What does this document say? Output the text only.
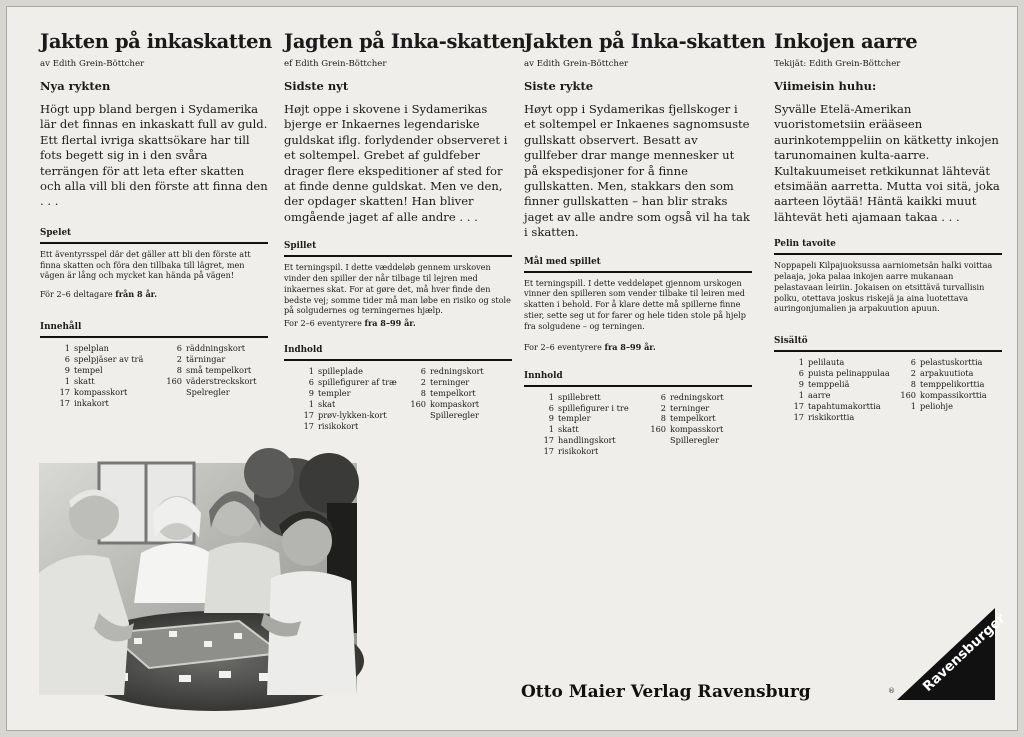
Jakten på inkaskatten
av Edith Grein-Böttcher
Nya rykten
Högt upp bland bergen i Sydamerika lär det finnas en inkaskatt full av guld. Ett flertal ivriga skattsökare har till fots begett sig in i den svåra terrängen för att leta efter skatten och alla vill bli den förste att finna den . . .
Spelet
Ett äventyrsspel där det gäller att bli den förste att finna skatten och föra den tillbaka till lägret, men vägen är lång och mycket kan hända på vägen!
För 2–6 deltagare från 8 år.
Innehåll
1 spelplan
6 spelpjäser av trä
9 tempel
1 skatt
17 kompasskort
17 inkakort
6 räddningskort
2 tärningar
8 små tempelkort
160 väderstreckskort
Spelregler
Jagten på Inka-skatten
ef Edith Grein-Böttcher
Sidste nyt
Højt oppe i skovene i Sydamerikas bjerge er Inkaernes legendariske guldskat iflg. forlydender observeret i et soltempel. Grebet af guldfeber drager flere ekspeditioner af sted for at finde denne guldskat. Men ve den, der opdager skatten! Han bliver omgående jaget af alle andre . . .
Spillet
Et terningspil. I dette væddeløb gennem urskoven vinder den spiller der når tilbage til lejren med inkaernes skat. For at gøre det, må hver finde den bedste vej; somme tider må man løbe en risiko og stole på solgudernes og terningernes hjælp.
For 2–6 eventyrere fra 8–99 år.
Indhold
1 spilleplade
6 spillefigurer af træ
9 templer
1 skat
17 prøv-lykken-kort
17 risikokort
6 redningskort
2 terninger
8 tempelkort
160 kompaskort
Spilleregler
Jakten på Inka-skatten
av Edith Grein-Böttcher
Siste rykte
Høyt opp i Sydamerikas fjellskoger i et soltempel er Inkaenes sagnomsuste gullskatt observert. Besatt av gullfeber drar mange mennesker ut på ekspedisjoner for å finne gullskatten. Men, stakkars den som finner gullskatten – han blir straks jaget av alle andre som også vil ha tak i skatten.
Mål med spillet
Et terningspill. I dette veddeløpet gjennom urskogen vinner den spilleren som vender tilbake til leiren med skatten i behold. For å klare dette må spillerne finne stier, sette seg ut for farer og hele tiden stole på hjelp fra solgudene – og terningen.
For 2–6 eventyrere fra 8–99 år.
Innhold
1 spillebrett
6 spillefigurer i tre
9 templer
1 skatt
17 handlingskort
17 risikokort
6 redningskort
2 terninger
8 tempelkort
160 kompasskort
Spilleregler
Inkojen aarre
Tekijät: Edith Grein-Böttcher
Viimeisin huhu:
Syvälle Etelä-Amerikan vuoristometsiin erääseen aurinkotemppeliin on kätketty inkojen tarunomainen kulta-aarre. Kultakuumeiset retkikunnat lähtevät etsimään aarretta. Mutta voi sitä, joka aarteen löytää! Häntä kaikki muut lähtevät heti ajamaan takaa . . .
Pelin tavoite
Noppapeli Kilpajuoksussa aarniometsän halki voittaa pelaaja, joka palaa inkojen aarre mukanaan pelastavaan leiriin. Jokaisen on etsittävä turvallisin polku, otettava joskus riskejä ja aina luotettava auringonjumalien ja arpakuution apuun.
Sisältö
1 pelilauta
6 puista pelinappulaa
9 temppeliä
1 aarre
17 tapahtumakorttia
17 riskikorttia
6 pelastuskorttia
2 arpakuutiota
8 temppelikorttia
160 kompassikorttia
1 peliohje
Otto Maier Verlag Ravensburg	® Ravensburger
